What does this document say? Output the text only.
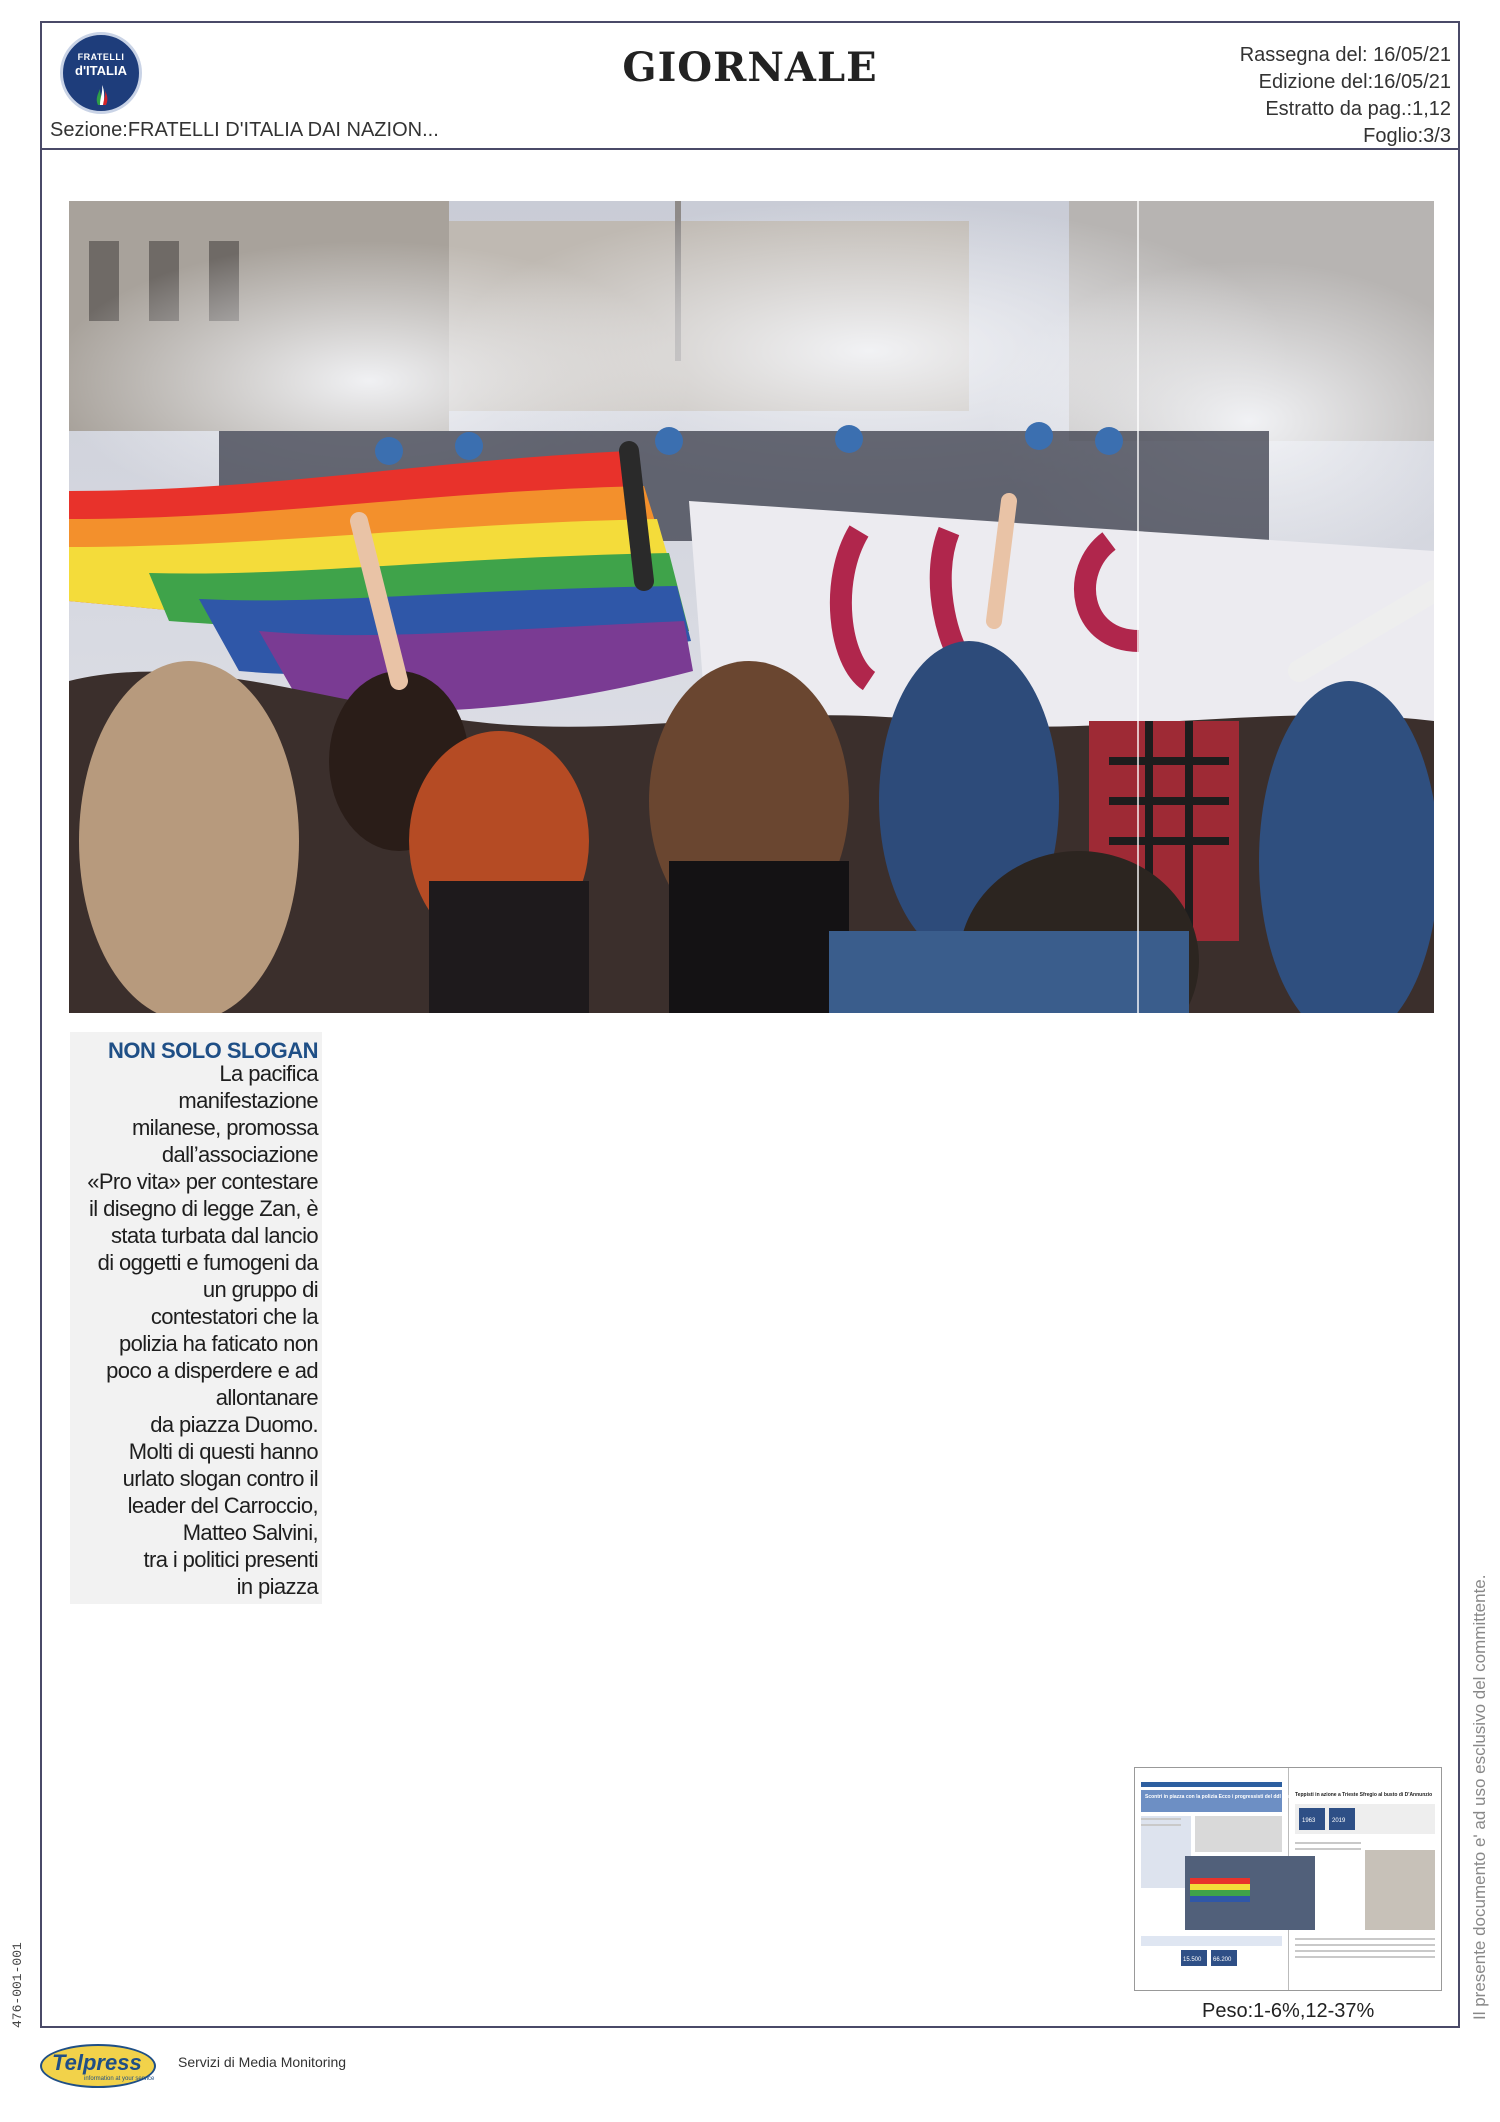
FRATELLI
d'ITALIA	GIORNALE	Rassegna del: 16/05/21
Edizione del:16/05/21
Estratto da pag.:1,12
Foglio:3/3
Sezione:FRATELLI D'ITALIA DAI NAZION...
NON SOLO SLOGAN
La pacifica
manifestazione
milanese, promossa
dall’associazione
«Pro vita» per contestare
il disegno di legge Zan, è
stata turbata dal lancio
di oggetti e fumogeni da
un gruppo di
contestatori che la
polizia ha faticato non
poco a disperdere e ad
allontanare
da piazza Duomo.
Molti di questi hanno
urlato slogan contro il
leader del Carroccio,
Matteo Salvini,
tra i politici presenti
in piazza
Scontri in piazza con la polizia Ecco i progressisti del ddl Zan Teppisti in azione a Trieste Sfregio al busto di D'Annunzio
1963	2019
15.500 66.200
Peso:1-6%,12-37%	Il presente documento e' ad uso esclusivo del committente.
476-001-001
Telpress
information at your service
Servizi di Media Monitoring
